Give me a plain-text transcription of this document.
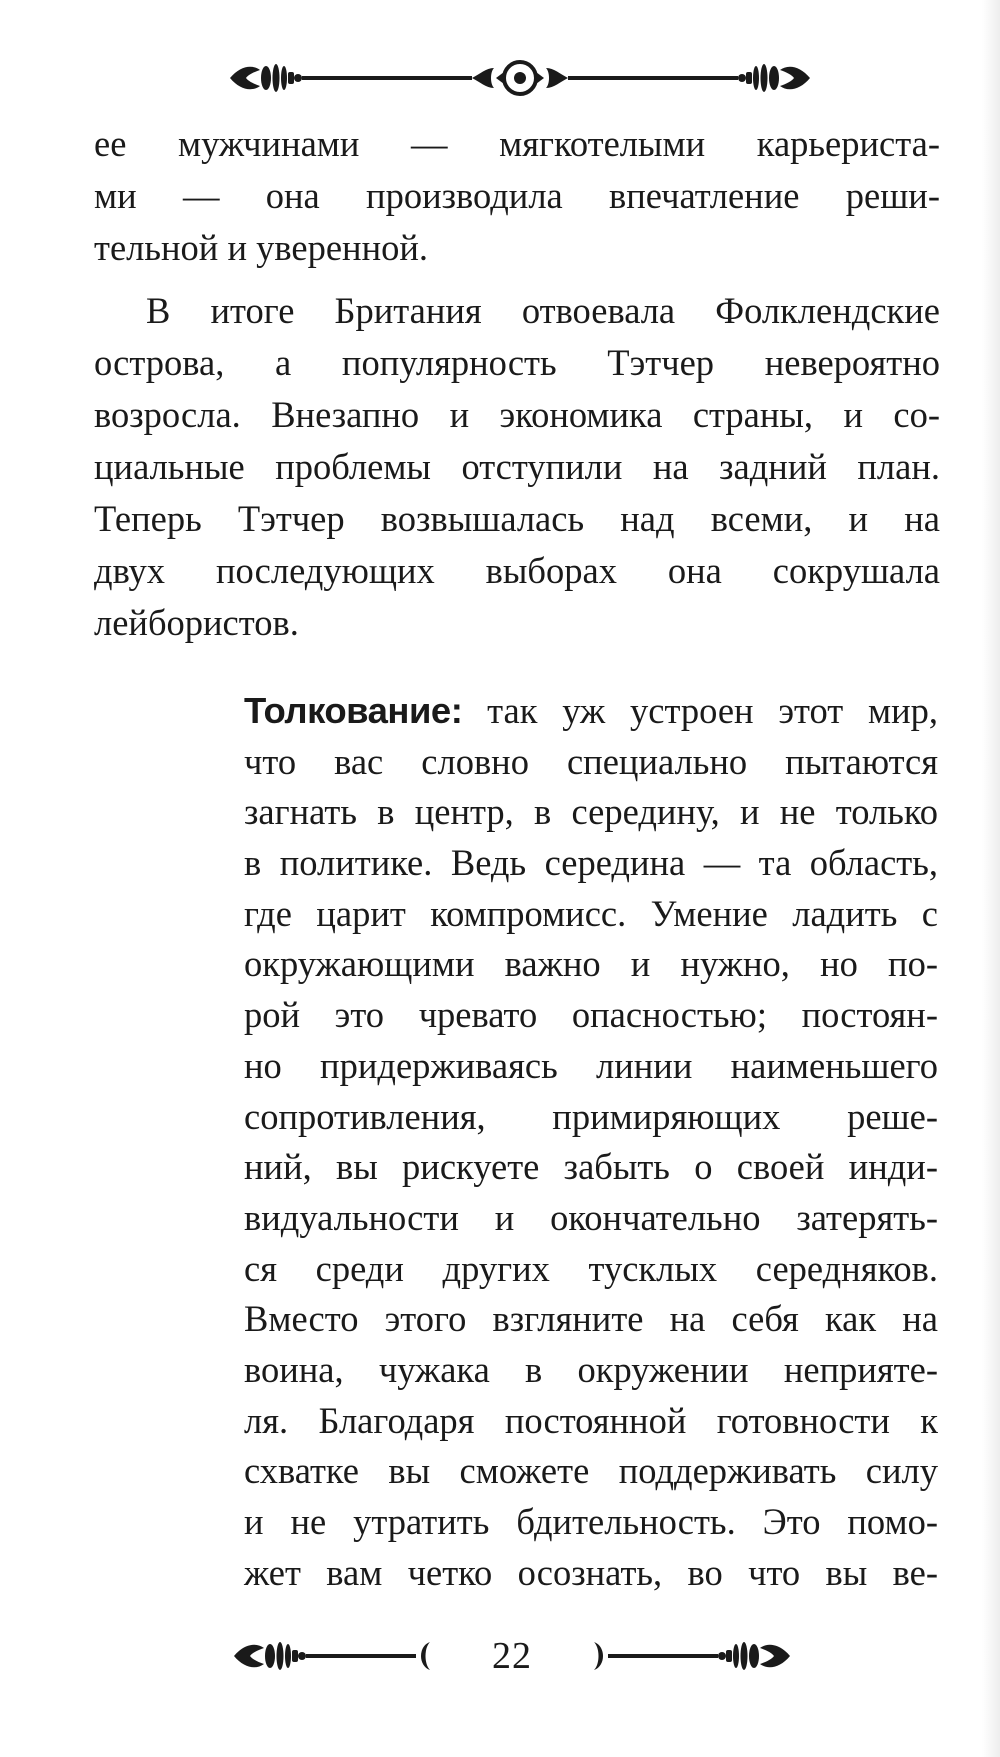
ее мужчинами — мягкотелыми карьериста-
ми — она производила впечатление реши-
тельной и уверенной.
В итоге Британия отвоевала Фолклендские
острова, а популярность Тэтчер невероятно
возросла. Внезапно и экономика страны, и со-
циальные проблемы отступили на задний план.
Теперь Тэтчер возвышалась над всеми, и на
двух последующих выборах она сокрушала
лейбористов.
Толкование: так уж устроен этот мир,
что вас словно специально пытаются
загнать в центр, в середину, и не только
в политике. Ведь середина — та область,
где царит компромисс. Умение ладить с
окружающими важно и нужно, но по-
рой это чревато опасностью; постоян-
но придерживаясь линии наименьшего
сопротивления, примиряющих реше-
ний, вы рискуете забыть о своей инди-
видуальности и окончательно затерять-
ся среди других тусклых середняков.
Вместо этого взгляните на себя как на
воина, чужака в окружении неприяте-
ля. Благодаря постоянной готовности к
схватке вы сможете поддерживать силу
и не утратить бдительность. Это помо-
жет вам четко осознать, во что вы ве-
22
